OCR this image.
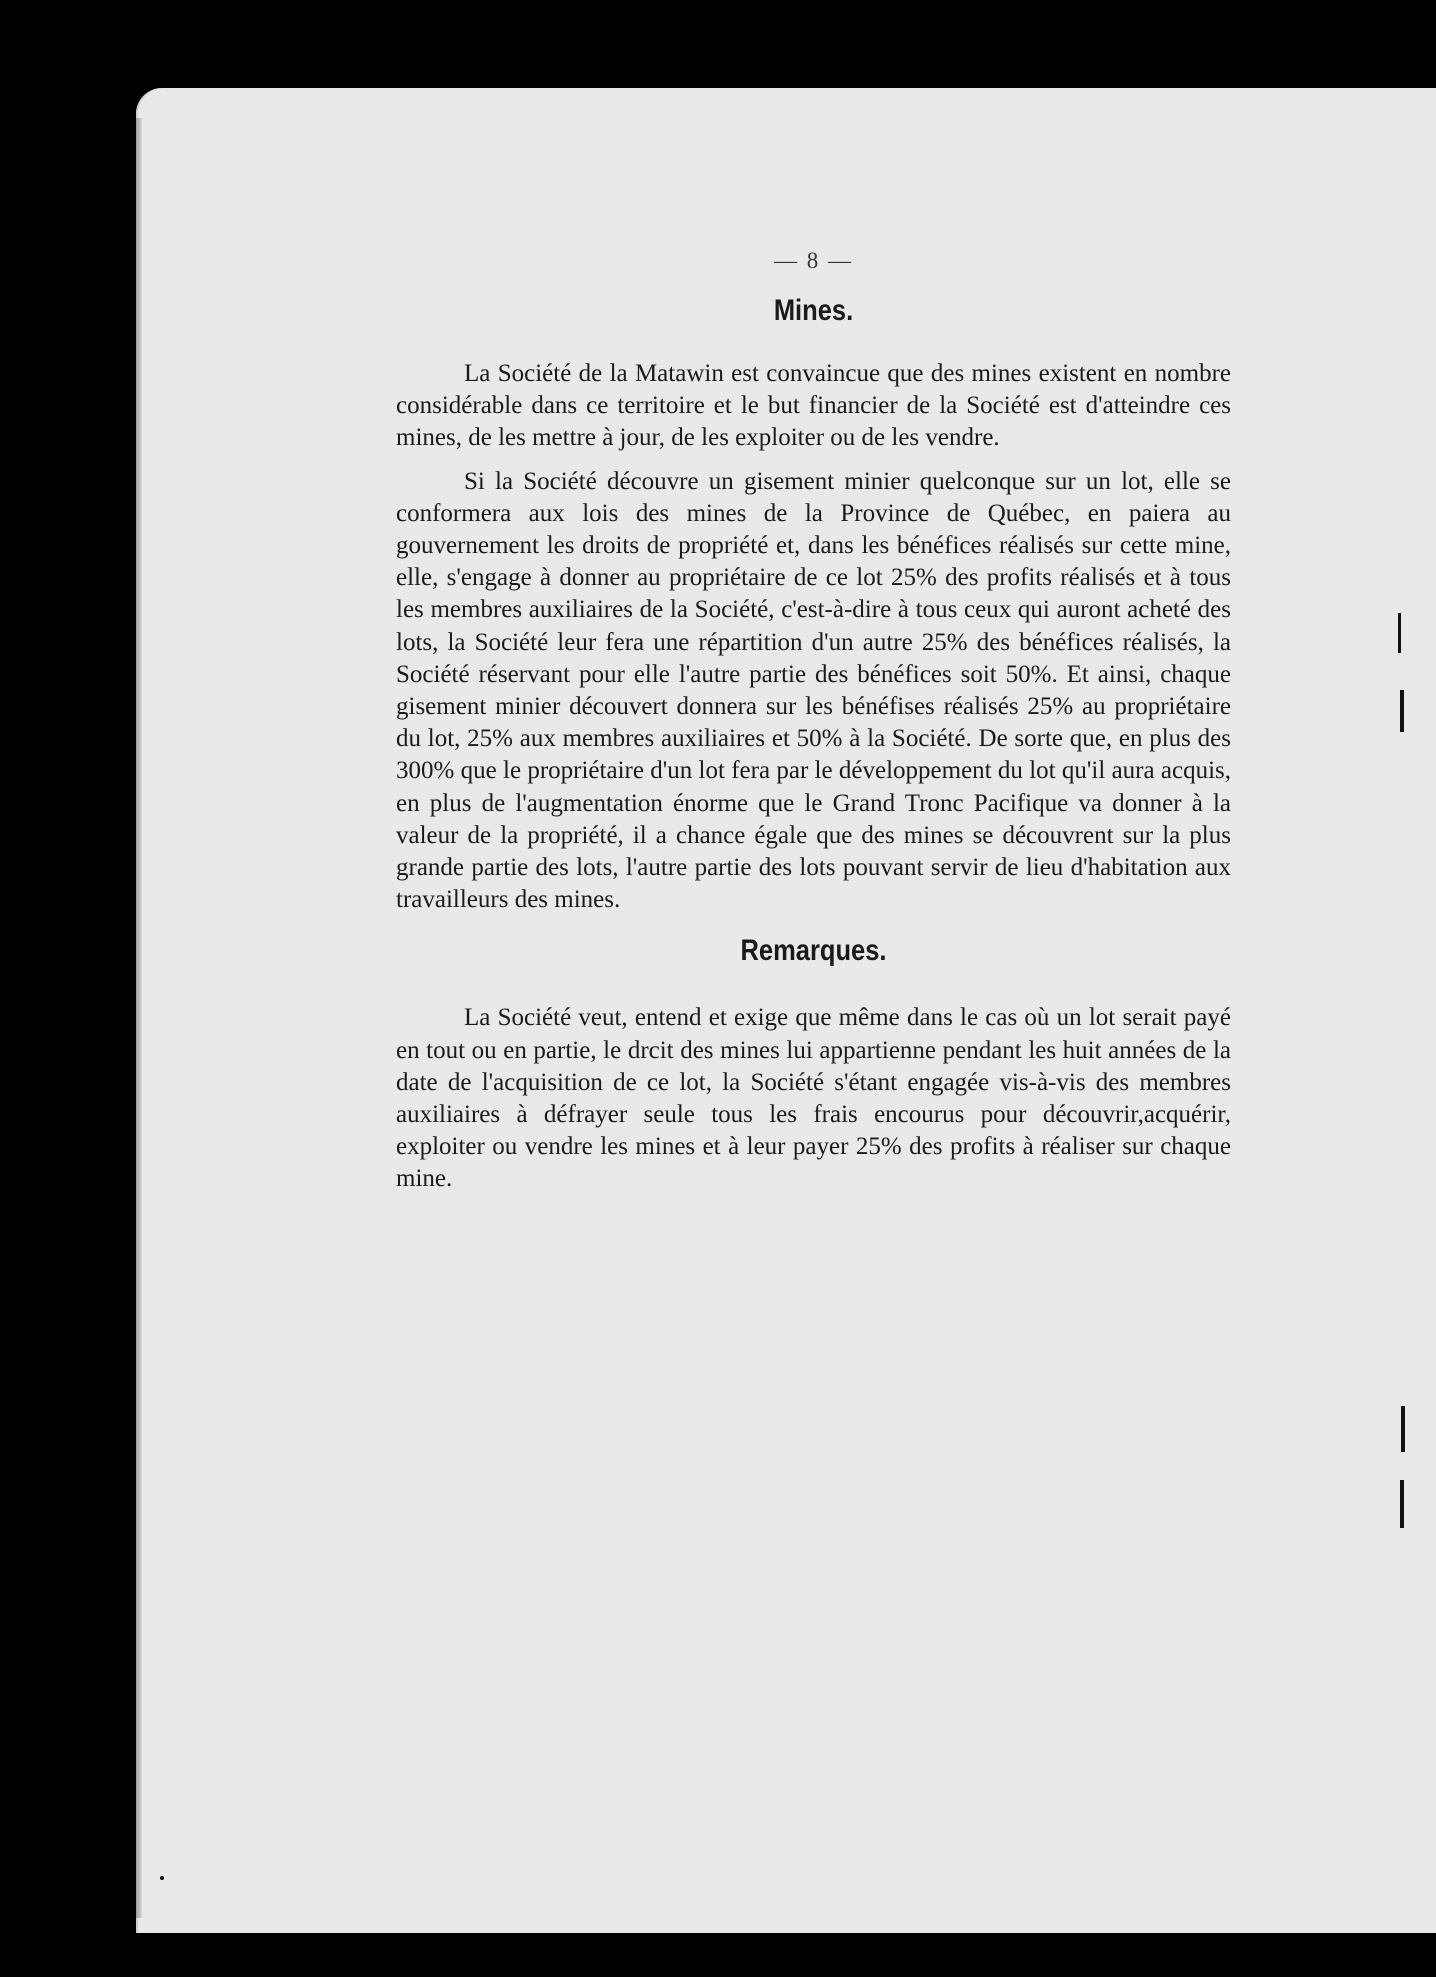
— 8 —
Mines.

La Société de la Matawin est convaincue que des mines existent en nombre considérable dans ce territoire et le but financier de la Société est d'atteindre ces mines, de les mettre à jour, de les exploiter ou de les vendre.

Si la Société découvre un gisement minier quelconque sur un lot, elle se conformera aux lois des mines de la Province de Québec, en paiera au gouvernement les droits de propriété et, dans les bénéfices réalisés sur cette mine, elle, s'engage à donner au propriétaire de ce lot 25% des profits réalisés et à tous les membres auxiliaires de la Société, c'est-à-dire à tous ceux qui auront acheté des lots, la Société leur fera une répartition d'un autre 25% des bénéfices réalisés, la Société réservant pour elle l'autre partie des bénéfices soit 50%. Et ainsi, chaque gisement minier découvert donnera sur les bénéfises réalisés 25% au propriétaire du lot, 25% aux membres auxiliaires et 50% à la Société. De sorte que, en plus des 300% que le propriétaire d'un lot fera par le développement du lot qu'il aura acquis, en plus de l'augmentation énorme que le Grand Tronc Pacifique va donner à la valeur de la propriété, il a chance égale que des mines se découvrent sur la plus grande partie des lots, l'autre partie des lots pouvant servir de lieu d'habitation aux travailleurs des mines.

Remarques.

La Société veut, entend et exige que même dans le cas où un lot serait payé en tout ou en partie, le drcit des mines lui appartienne pendant les huit années de la date de l'acquisition de ce lot, la Société s'étant engagée vis-à-vis des membres auxiliaires à défrayer seule tous les frais encourus pour découvrir,acquérir, exploiter ou vendre les mines et à leur payer 25% des profits à réaliser sur chaque mine.
